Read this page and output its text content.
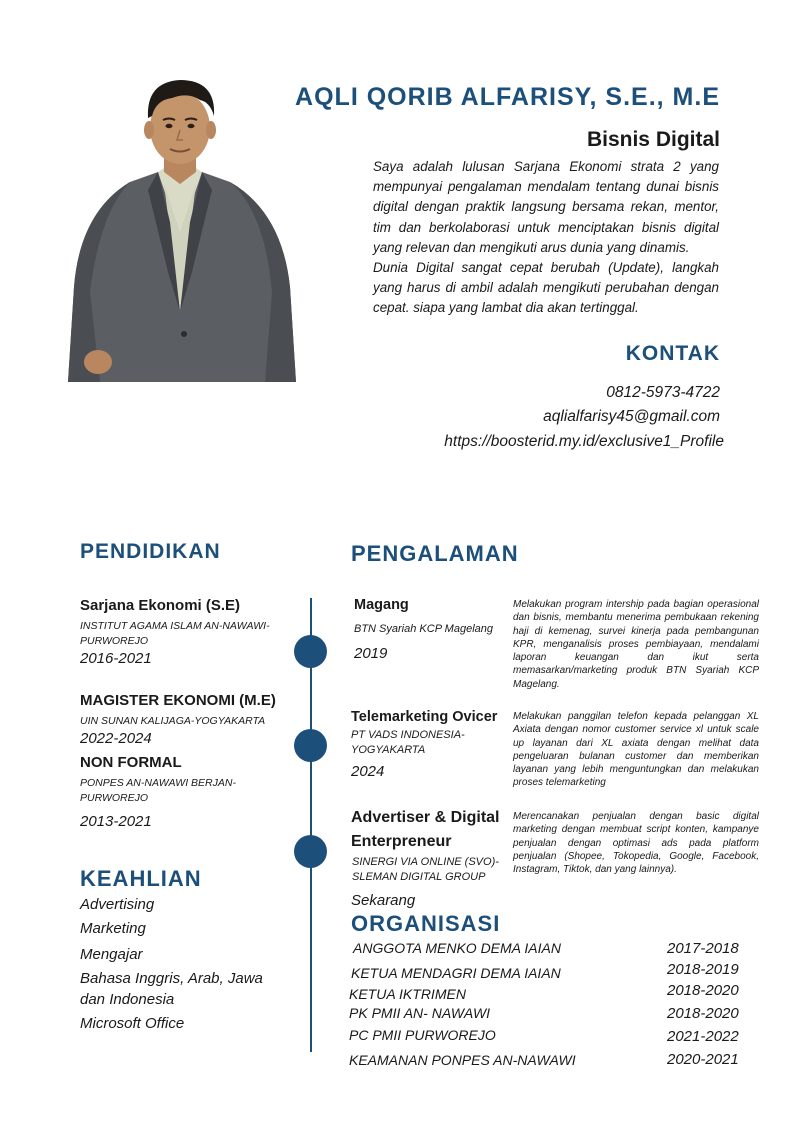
AQLI QORIB ALFARISY, S.E., M.E
Bisnis Digital

Saya adalah lulusan Sarjana Ekonomi strata 2 yang mempunyai pengalaman mendalam tentang dunai bisnis digital dengan praktik langsung bersama rekan, mentor, tim dan berkolaborasi untuk menciptakan bisnis digital yang relevan dan mengikuti arus dunia yang dinamis.

Dunia Digital sangat cepat berubah (Update), langkah yang harus di ambil adalah mengikuti perubahan dengan cepat. siapa yang lambat dia akan tertinggal.

KONTAK
0812-5973-4722
aqlialfarisy45@gmail.com
https://boosterid.my.id/exclusive1_Profile
PENDIDIKAN
Sarjana Ekonomi (S.E)
INSTITUT AGAMA ISLAM AN-NAWAWI-PURWOREJO
2016-2021
MAGISTER EKONOMI (M.E)
UIN SUNAN KALIJAGA-YOGYAKARTA
2022-2024
NON FORMAL
PONPES AN-NAWAWI BERJAN-PURWOREJO
2013-2021
KEAHLIAN
Advertising
Marketing
Mengajar
Bahasa Inggris, Arab, Jawa dan Indonesia
Microsoft Office
PENGALAMAN
Magang
BTN Syariah KCP Magelang
2019
Melakukan program intership pada bagian operasional dan bisnis, membantu menerima pembukaan rekening haji di kemenag, survei kinerja pada pembangunan KPR, menganalisis proses pembiayaan, mendalami laporan keuangan dan ikut serta memasarkan/marketing produk BTN Syariah KCP Magelang.
Telemarketing Ovicer
PT VADS INDONESIA-YOGYAKARTA
2024
Melakukan panggilan telefon kepada pelanggan XL Axiata dengan nomor customer service xl untuk scale up layanan dari XL axiata dengan melihat data pengeluaran bulanan customer dan memberikan layanan yang lebih menguntungkan dan melakukan proses telemarketing
Advertiser & Digital
Enterpreneur
SINERGI VIA ONLINE (SVO)-SLEMAN DIGITAL GROUP
Sekarang
Merencanakan penjualan dengan basic digital marketing dengan membuat script konten, kampanye penjualan dengan optimasi ads pada platform penjualan (Shopee, Tokopedia, Google, Facebook, Instagram, Tiktok, dan yang lainnya).
ORGANISASI
ANGGOTA MENKO DEMA IAIAN	2017-2018
KETUA MENDAGRI DEMA IAIAN	2018-2019
KETUA IKTRIMEN	2018-2020
PK PMII AN- NAWAWI	2018-2020
PC PMII PURWOREJO	2021-2022
KEAMANAN PONPES AN-NAWAWI	2020-2021
